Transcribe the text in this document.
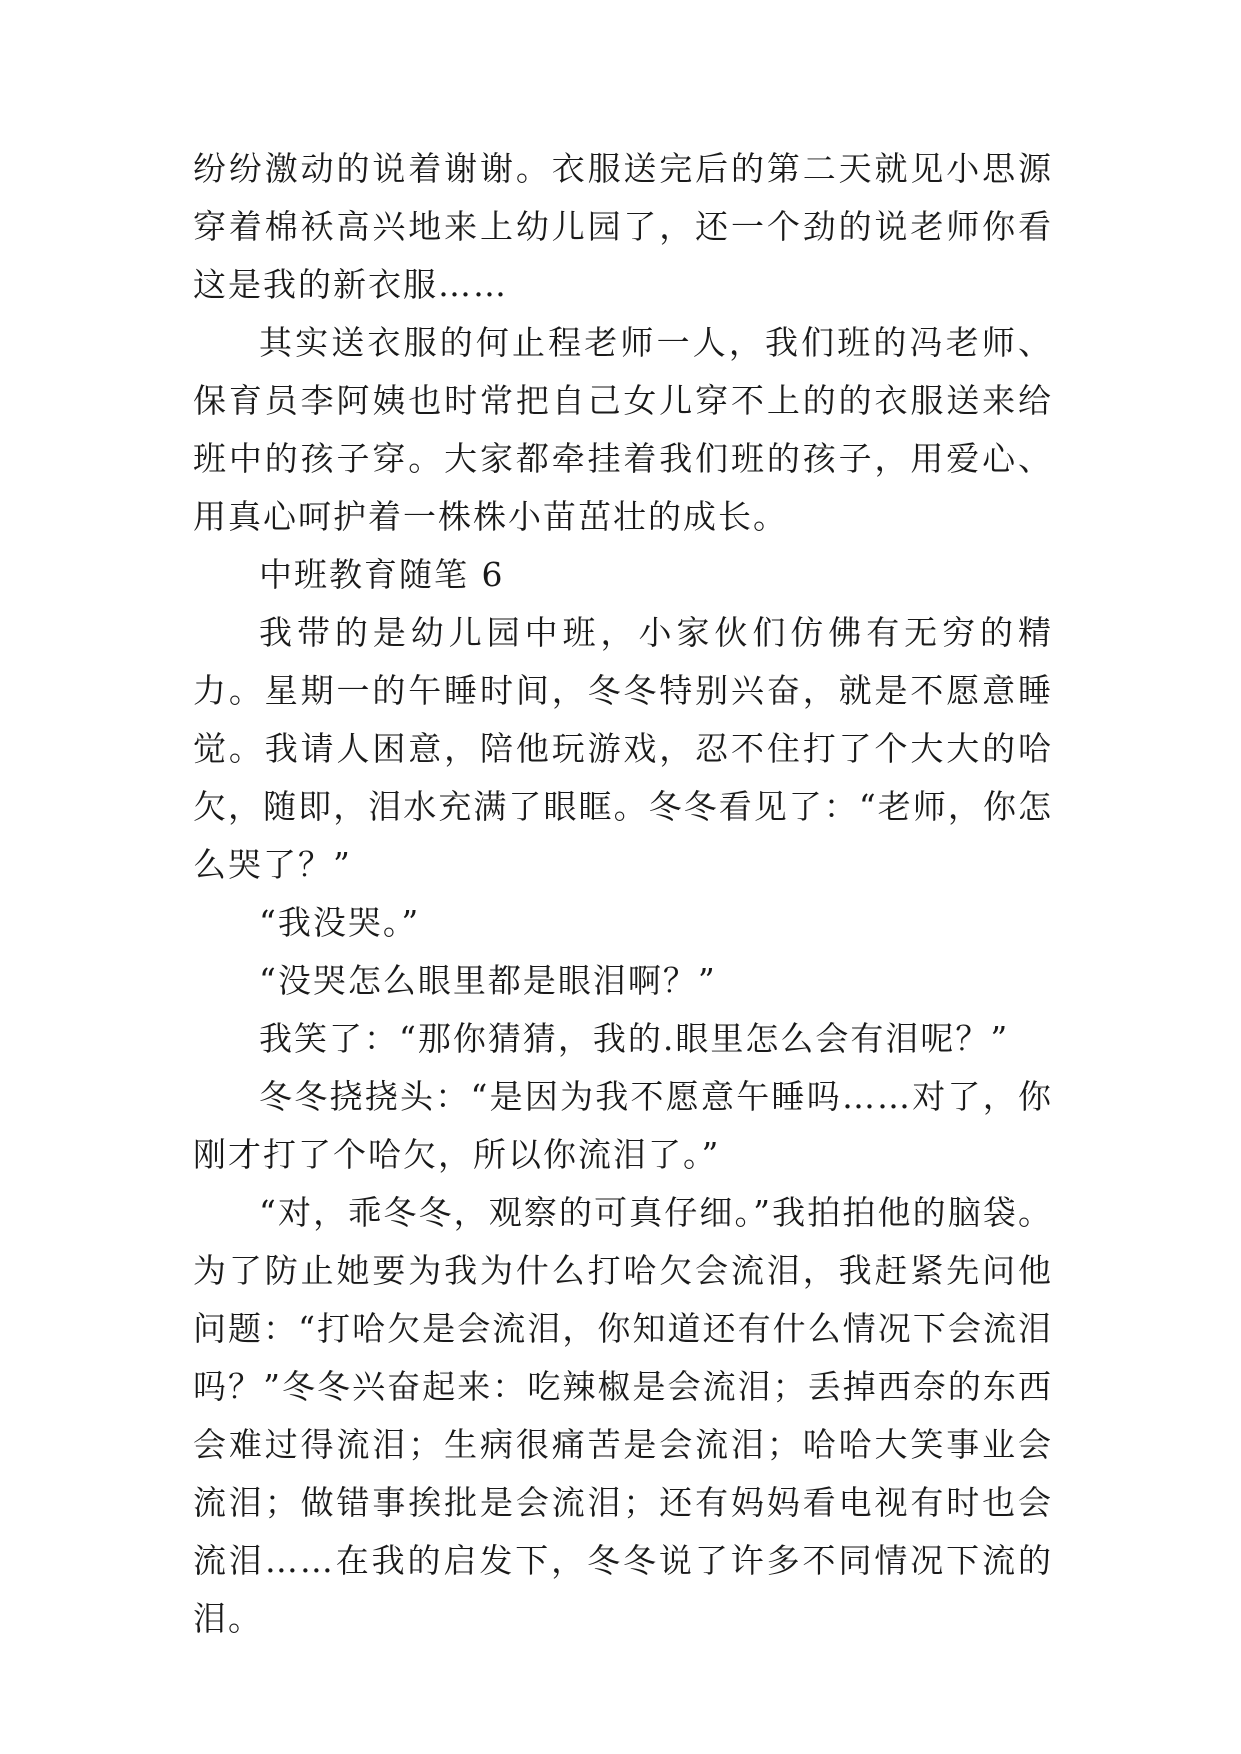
纷纷激动的说着谢谢。衣服送完后的第二天就见小思源穿着棉袄高兴地来上幼儿园了，还一个劲的说老师你看这是我的新衣服……

其实送衣服的何止程老师一人，我们班的冯老师、保育员李阿姨也时常把自己女儿穿不上的的衣服送来给班中的孩子穿。大家都牵挂着我们班的孩子，用爱心、用真心呵护着一株株小苗茁壮的成长。

中班教育随笔 6

我带的是幼儿园中班，小家伙们仿佛有无穷的精力。星期一的午睡时间，冬冬特别兴奋，就是不愿意睡觉。我请人困意，陪他玩游戏，忍不住打了个大大的哈欠，随即，泪水充满了眼眶。冬冬看见了：“老师，你怎么哭了？”

“我没哭。”

“没哭怎么眼里都是眼泪啊？”

我笑了：“那你猜猜，我的.眼里怎么会有泪呢？”

冬冬挠挠头：“是因为我不愿意午睡吗……对了，你刚才打了个哈欠，所以你流泪了。”

“对，乖冬冬，观察的可真仔细。”我拍拍他的脑袋。为了防止她要为我为什么打哈欠会流泪，我赶紧先问他问题：“打哈欠是会流泪，你知道还有什么情况下会流泪吗？”冬冬兴奋起来：吃辣椒是会流泪；丢掉西奈的东西会难过得流泪；生病很痛苦是会流泪；哈哈大笑事业会流泪；做错事挨批是会流泪；还有妈妈看电视有时也会流泪……在我的启发下，冬冬说了许多不同情况下流的泪。
